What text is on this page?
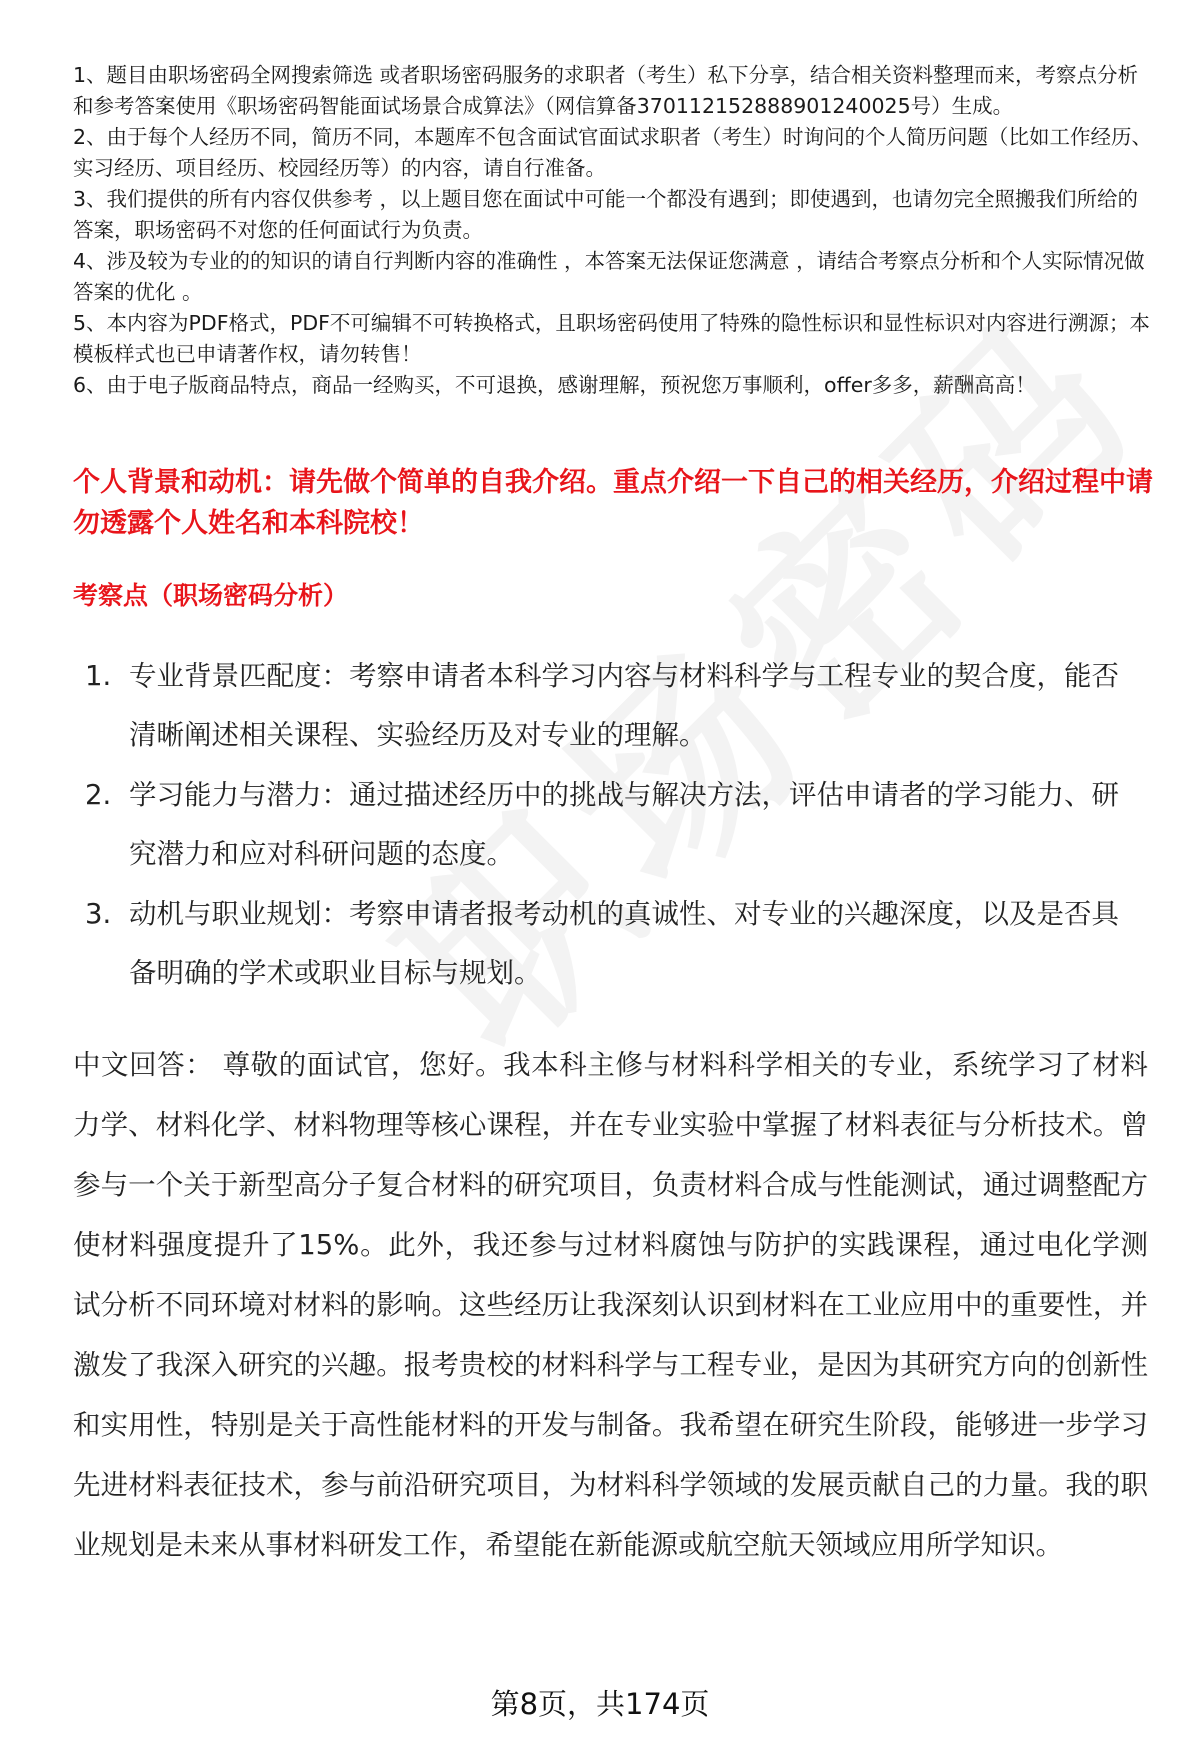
1、题目由职场密码全网搜索筛选 或者职场密码服务的求职者（考生）私下分享，结合相关资料整理而来，考察点分析和参考答案使用《职场密码智能面试场景合成算法》（网信算备370112152888901240025号）生成。

2、由于每个人经历不同，简历不同，本题库不包含面试官面试求职者（考生）时询问的个人简历问题（比如工作经历、实习经历、项目经历、校园经历等）的内容，请自行准备。

3、我们提供的所有内容仅供参考 ，以上题目您在面试中可能一个都没有遇到；即使遇到，也请勿完全照搬我们所给的答案，职场密码不对您的任何面试行为负责。

4、涉及较为专业的的知识的请自行判断内容的准确性 ，本答案无法保证您满意 ，请结合考察点分析和个人实际情况做答案的优化 。

5、本内容为PDF格式，PDF不可编辑不可转换格式，且职场密码使用了特殊的隐性标识和显性标识对内容进行溯源；本模板样式也已申请著作权，请勿转售！

6、由于电子版商品特点，商品一经购买，不可退换，感谢理解，预祝您万事顺利，offer多多，薪酬高高！

个人背景和动机：请先做个简单的自我介绍。重点介绍一下自己的相关经历，介绍过程中请勿透露个人姓名和本科院校！
考察点（职场密码分析）
1. 专业背景匹配度：考察申请者本科学习内容与材料科学与工程专业的契合度，能否清晰阐述相关课程、实验经历及对专业的理解。
2. 学习能力与潜力：通过描述经历中的挑战与解决方法，评估申请者的学习能力、研究潜力和应对科研问题的态度。
3. 动机与职业规划：考察申请者报考动机的真诚性、对专业的兴趣深度，以及是否具备明确的学术或职业目标与规划。

中文回答： 尊敬的面试官，您好。我本科主修与材料科学相关的专业，系统学习了材料力学、材料化学、材料物理等核心课程，并在专业实验中掌握了材料表征与分析技术。曾参与一个关于新型高分子复合材料的研究项目，负责材料合成与性能测试，通过调整配方使材料强度提升了15%。此外，我还参与过材料腐蚀与防护的实践课程，通过电化学测试分析不同环境对材料的影响。这些经历让我深刻认识到材料在工业应用中的重要性，并激发了我深入研究的兴趣。报考贵校的材料科学与工程专业，是因为其研究方向的创新性和实用性，特别是关于高性能材料的开发与制备。我希望在研究生阶段，能够进一步学习先进材料表征技术，参与前沿研究项目，为材料科学领域的发展贡献自己的力量。我的职业规划是未来从事材料研发工作，希望能在新能源或航空航天领域应用所学知识。

第8页，共174页
